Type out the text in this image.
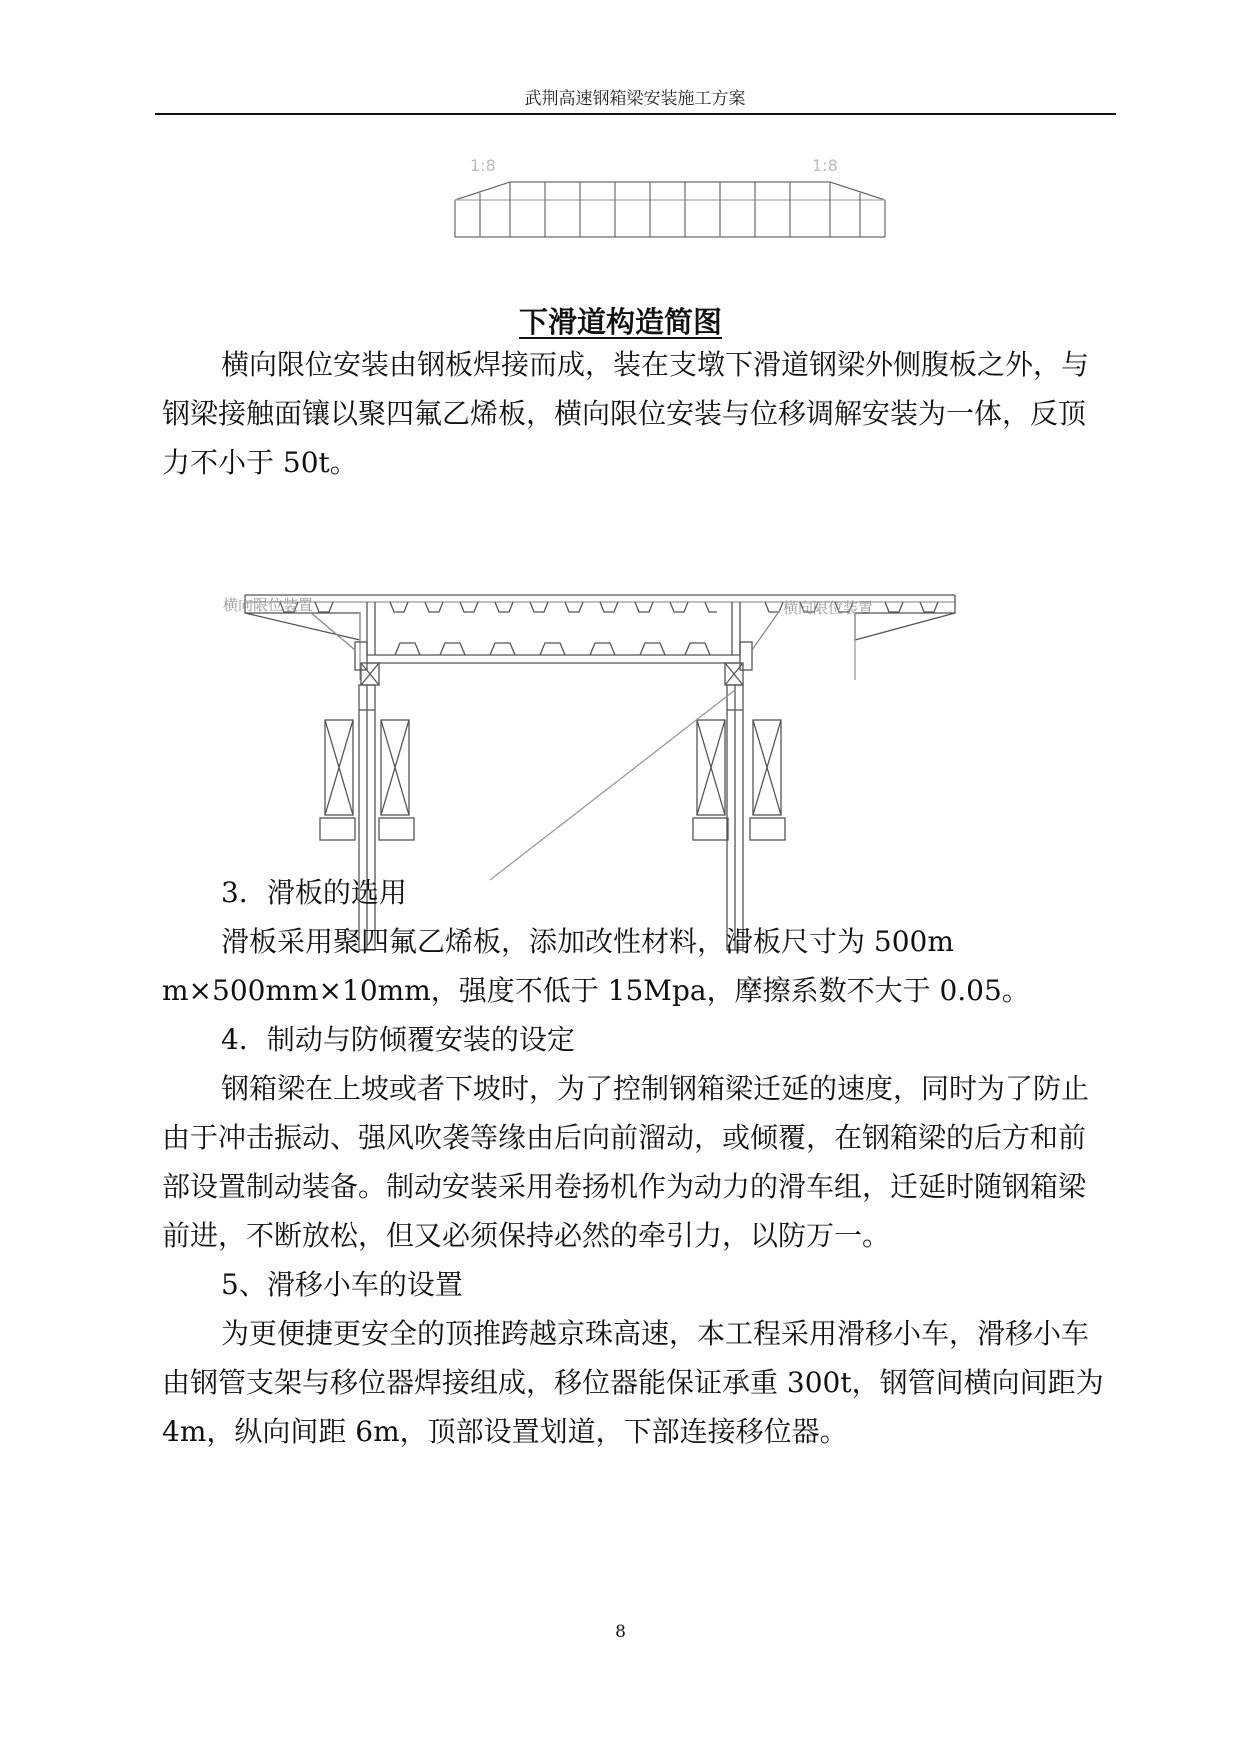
武荆高速钢箱梁安装施工方案
1:8	1:8
下滑道构造简图

横向限位安装由钢板焊接而成，装在支墩下滑道钢梁外侧腹板之外，与钢梁接触面镶以聚四氟乙烯板，横向限位安装与位移调解安装为一体，反顶力不小于 50t。

横向限位装置	横向限位装置

3．滑板的选用

滑板采用聚四氟乙烯板，添加改性材料，滑板尺寸为 500m m×500mm×10mm，强度不低于 15Mpa，摩擦系数不大于 0.05。

4．制动与防倾覆安装的设定

钢箱梁在上坡或者下坡时，为了控制钢箱梁迁延的速度，同时为了防止由于冲击振动、强风吹袭等缘由后向前溜动，或倾覆，在钢箱梁的后方和前部设置制动装备。制动安装采用卷扬机作为动力的滑车组，迁延时随钢箱梁前进，不断放松，但又必须保持必然的牵引力，以防万一。

5、滑移小车的设置

为更便捷更安全的顶推跨越京珠高速，本工程采用滑移小车，滑移小车由钢管支架与移位器焊接组成，移位器能保证承重 300t，钢管间横向间距为 4m，纵向间距 6m，顶部设置划道，下部连接移位器。

8
